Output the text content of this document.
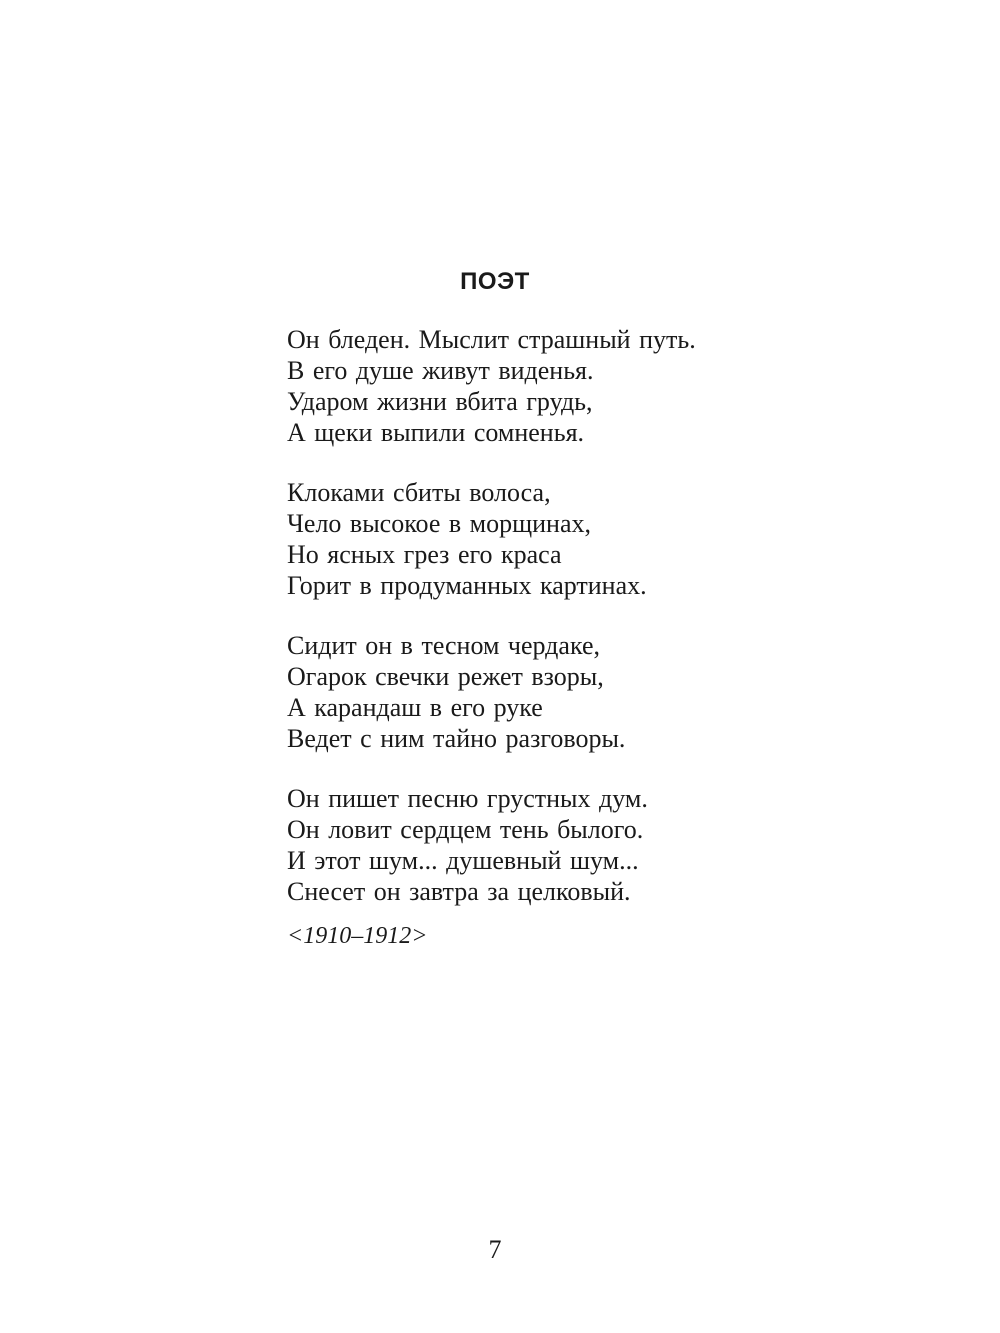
ПОЭТ
Он бледен. Мыслит страшный путь.
В его душе живут виденья.
Ударом жизни вбита грудь,
А щеки выпили сомненья.
Клоками сбиты волоса,
Чело высокое в морщинах,
Но ясных грез его краса
Горит в продуманных картинах.
Сидит он в тесном чердаке,
Огарок свечки режет взоры,
А карандаш в его руке
Ведет с ним тайно разговоры.
Он пишет песню грустных дум.
Он ловит сердцем тень былого.
И этот шум... душевный шум...
Снесет он завтра за целковый.
<1910–1912>
7
